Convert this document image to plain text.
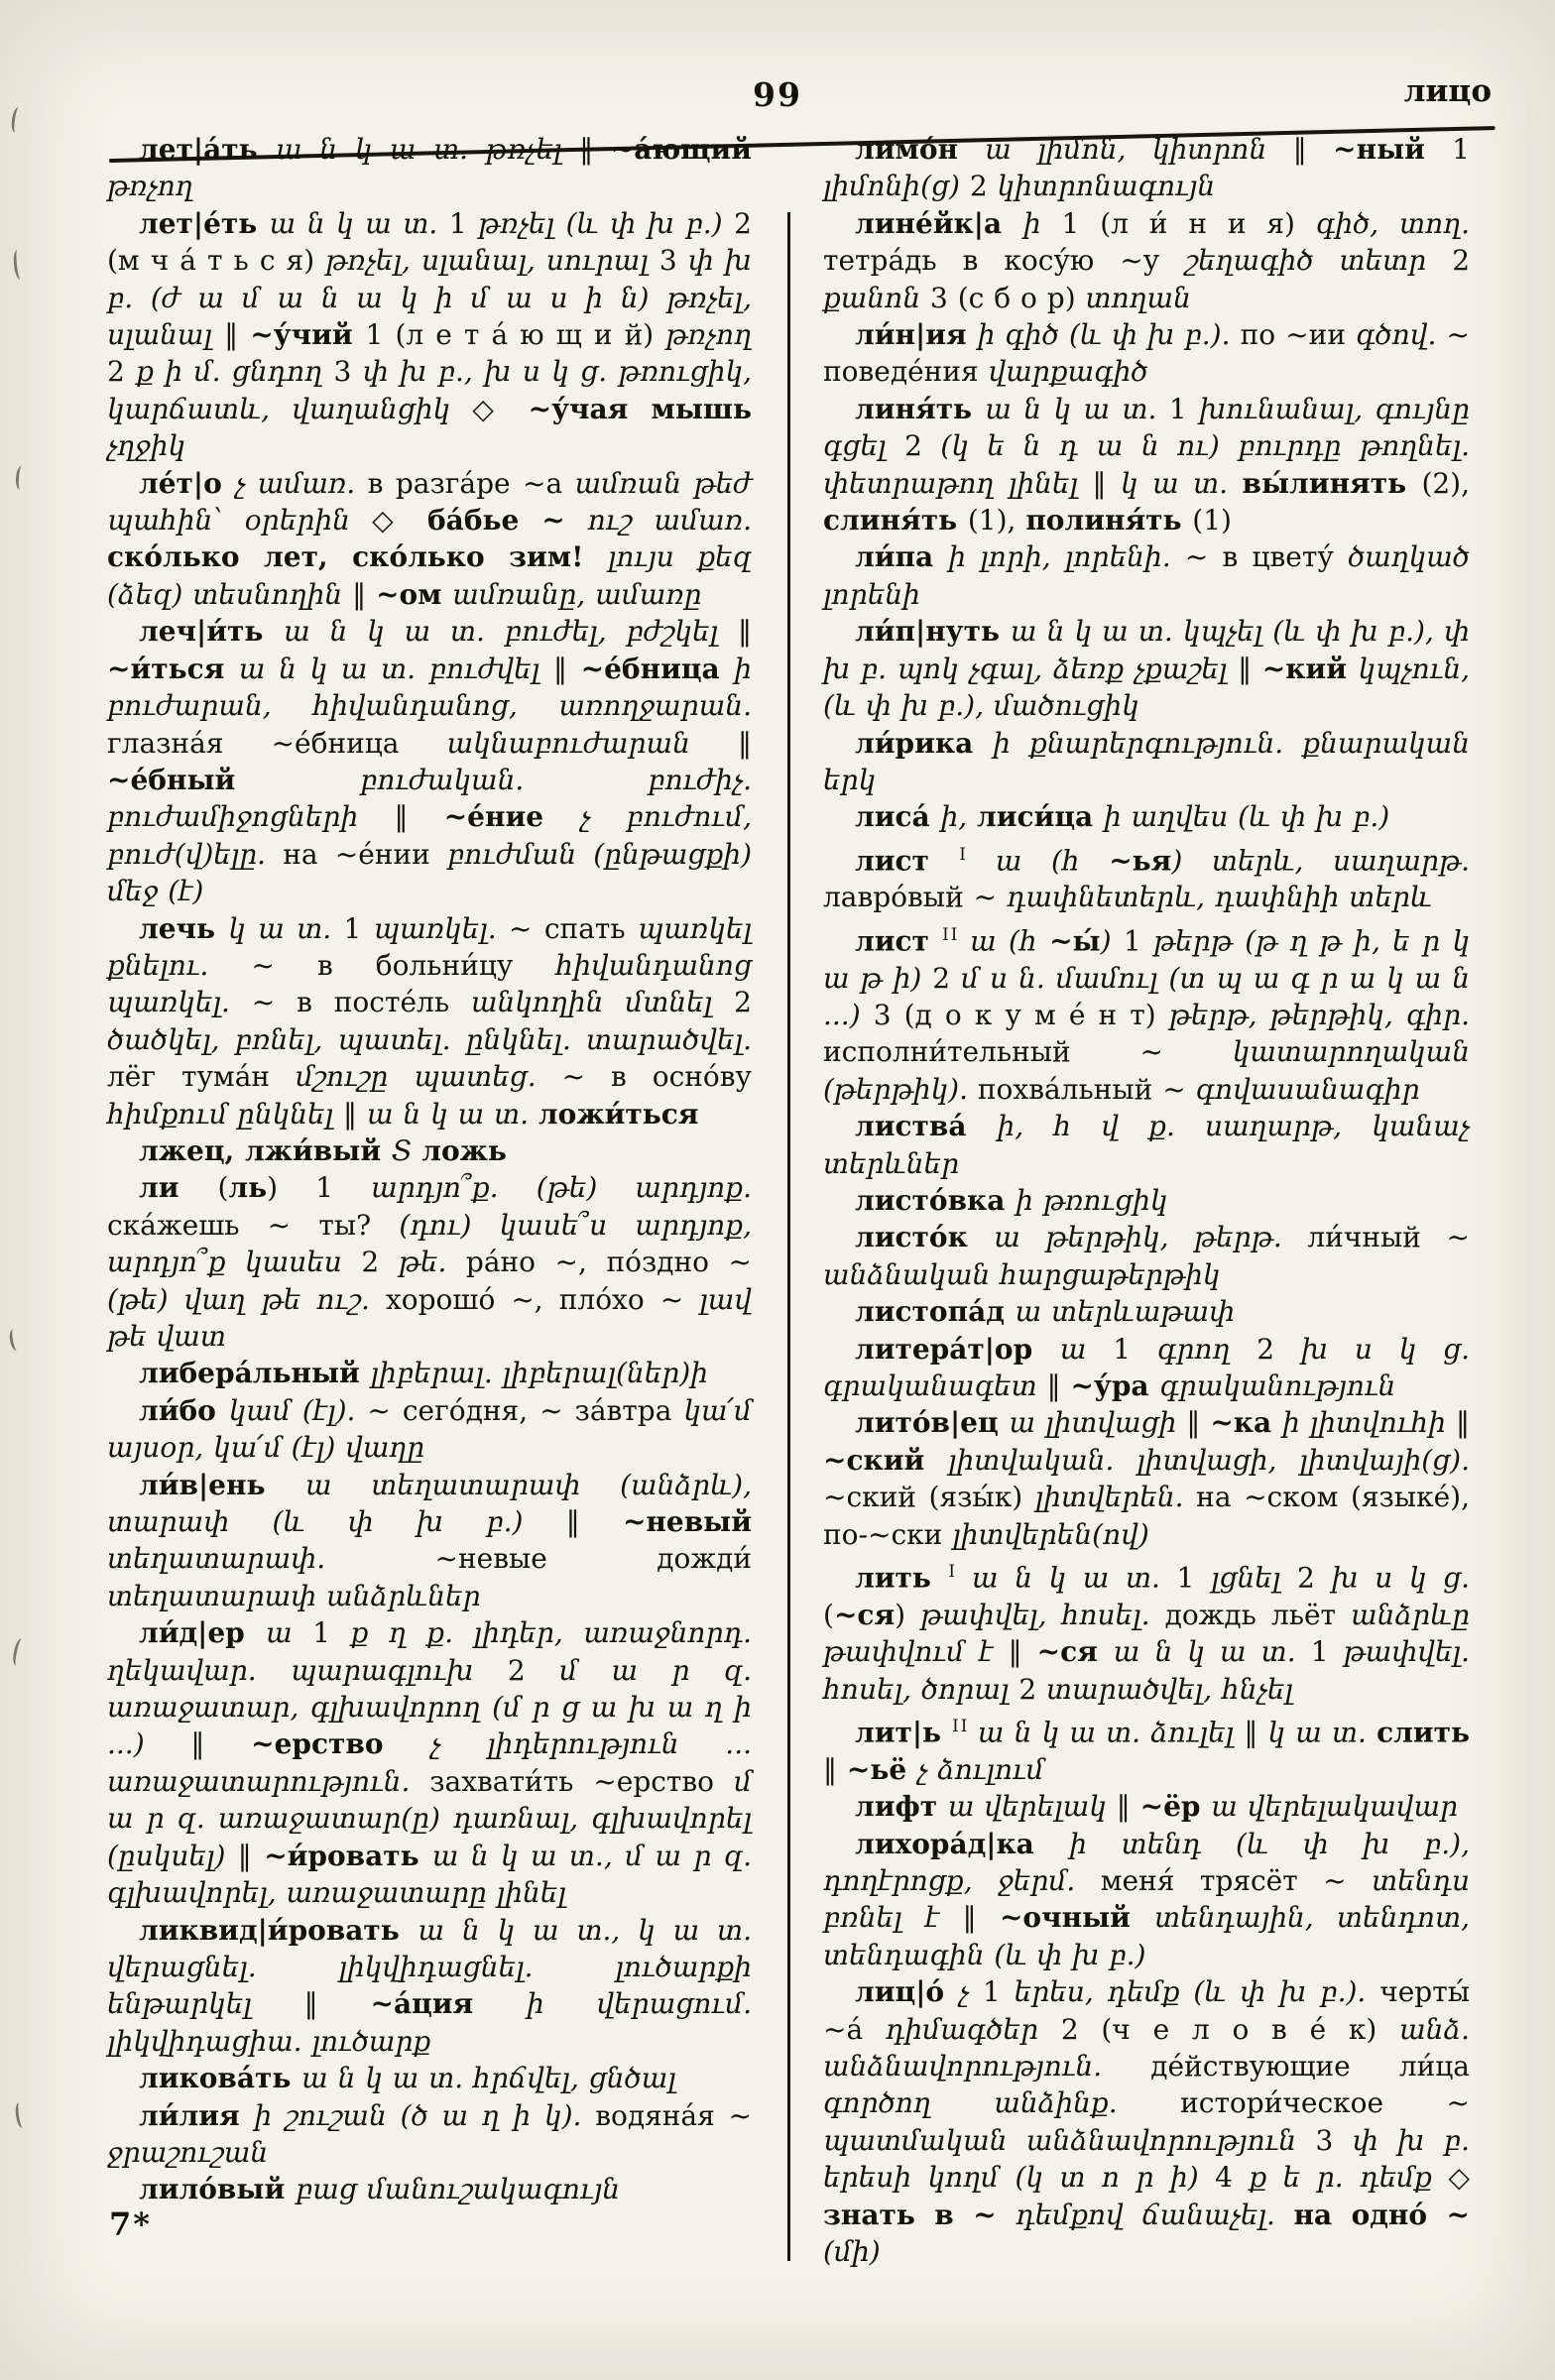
99	лицо

лет|а́ть ա ն կ ա տ. թռչել ‖ ~а́ющий թռչող

лет|е́ть ա ն կ ա տ. 1 թռչել (և փ խ բ.) 2 (м ч а́ т ь с я) թռչել, սլանալ, սուրալ 3 փ խ բ. (ժ ա մ ա ն ա կ ի մ ա ս ի ն) թռչել, սլանալ ‖ ~у́чий 1 (л е т а́ ю щ и й) թռչող 2 ք ի մ. ցնդող 3 փ խ բ., խ ս կ ց. թռուցիկ, կարճատև, վաղանցիկ ◇ ~у́чая мышь չղջիկ

ле́т|о չ ամառ. в разга́ре ~а ամռան թեժ պահին՝ օրերին ◇ ба́бье ~ ուշ ամառ. ско́лько лет, ско́лько зим! լույս քեզ (ձեզ) տեսնողին ‖ ~ом ամռանը, ամառը

леч|и́ть ա ն կ ա տ. բուժել, բժշկել ‖ ~и́ться ա ն կ ա տ. բուժվել ‖ ~е́бница ի բուժարան, հիվանդանոց, առողջարան. глазна́я ~е́бница ակնաբուժարան ‖ ~е́бный բուժական. բուժիչ. բուժամիջոցների ‖ ~е́ние չ բուժում, բուժ(վ)ելը. на ~е́нии բուժման (ընթացքի) մեջ (է)

лечь կ ա տ. 1 պառկել. ~ спать պառկել քնելու. ~ в больни́цу հիվանդանոց պառկել. ~ в посте́ль անկողին մտնել 2 ծածկել, բռնել, պատել. ընկնել. տարածվել. лёг тума́н մշուշը պատեց. ~ в осно́ву հիմքում ընկնել ‖ ա ն կ ա տ. ложи́ться

лжец, лжи́вый Տ ложь

ли (ль) 1 արդյո՞ք. (թե) արդյոք. ска́жешь ~ ты? (դու) կասե՞ս արդյոք, արդյո՞ք կասես 2 թե. ра́но ~, по́здно ~ (թե) վաղ թե ուշ. хорошо́ ~, пло́хо ~ լավ թե վատ

либера́льный լիբերալ. լիբերալ(ներ)ի

ли́бо կամ (էլ). ~ сего́дня, ~ за́втра կա՛մ այսօր, կա՛մ (էլ) վաղը

ли́в|ень ա տեղատարափ (անձրև), տարափ (և փ խ բ.) ‖ ~невый տեղատարափ. ~невые дожди́ տեղատարափ անձրևներ

ли́д|ер ա 1 ք ղ ք. լիդեր, առաջնորդ. ղեկավար. պարագլուխ 2 մ ա ր զ. առաջատար, գլխավորող (մ ր ց ա խ ա ղ ի ...) ‖ ~ерство չ լիդերություն ... առաջատարություն. захвати́ть ~ерство մ ա ր զ. առաջատար(ը) դառնալ, գլխավորել (ըսկսել) ‖ ~и́ровать ա ն կ ա տ., մ ա ր զ. գլխավորել, առաջատարը լինել

ликвид|и́ровать ա ն կ ա տ., կ ա տ. վերացնել. լիկվիդացնել. լուծարքի ենթարկել ‖ ~а́ция ի վերացում. լիկվիդացիա. լուծարք

ликова́ть ա ն կ ա տ. հրճվել, ցնծալ

ли́лия ի շուշան (ծ ա ղ ի կ). водяна́я ~ ջրաշուշան

лило́вый բաց մանուշակագույն

лимо́н ա լիմոն, կիտրոն ‖ ~ный 1 լիմոնի(ց) 2 կիտրոնագույն

лине́йк|а ի 1 (л и́ н и я) գիծ, տող. тетра́дь в косу́ю ~у շեղագիծ տետր 2 քանոն 3 (с б о р) տողան

ли́н|ия ի գիծ (և փ խ բ.). по ~ии գծով. ~ поведе́ния վարքագիծ

линя́ть ա ն կ ա տ. 1 խունանալ, գույնը գցել 2 (կ ե ն դ ա ն ու) բուրդը թողնել. փետրաթող լինել ‖ կ ա տ. вы́линять (2), слиня́ть (1), полиня́ть (1)

ли́па ի լորի, լորենի. ~ в цвету́ ծաղկած լորենի

ли́п|нуть ա ն կ ա տ. կպչել (և փ խ բ.), փ խ բ. պոկ չգալ, ձեռք չքաշել ‖ ~кий կպչուն, (և փ խ բ.), մածուցիկ

ли́рика ի քնարերգություն. քնարական երկ

лиса́ ի, лиси́ца ի աղվես (և փ խ բ.)

лист $^I$ ա (հ ~ья) տերև, սաղարթ. лавро́вый ~ դափնետերև, դափնիի տերև

лист $^{II}$ ա (հ ~ы́) 1 թերթ (թ ղ թ ի, ե ր կ ա թ ի) 2 մ ս ն. մամուլ (տ պ ա գ ր ա կ ա ն ...) 3 (д о к у м е́ н т) թերթ, թերթիկ, գիր. исполни́тельный ~ կատարողական (թերթիկ). похва́льный ~ գովասանագիր

листва́ ի, հ վ ք. սաղարթ, կանաչ տերևներ

листо́вка ի թռուցիկ

листо́к ա թերթիկ, թերթ. ли́чный ~ անձնական հարցաթերթիկ

листопа́д ա տերևաթափ

литера́т|ор ա 1 գրող 2 խ ս կ ց. գրականագետ ‖ ~у́ра գրականություն

лито́в|ец ա լիտվացի ‖ ~ка ի լիտվուհի ‖ ~ский լիտվական. լիտվացի, լիտվայի(ց). ~ский (язы́к) լիտվերեն. на ~ском (языке́), по-~ски լիտվերեն(ով)

лить $^I$ ա ն կ ա տ. 1 լցնել 2 խ ս կ ց. (~ся) թափվել, հոսել. дождь льёт անձրևը թափվում է ‖ ~ся ա ն կ ա տ. 1 թափվել. հոսել, ծորալ 2 տարածվել, հնչել

лит|ь $^{II}$ ա ն կ ա տ. ձուլել ‖ կ ա տ. слить ‖ ~ьё չ ձուլում

лифт ա վերելակ ‖ ~ёр ա վերելակավար

лихора́д|ка ի տենդ (և փ խ բ.), դողէրոցք, ջերմ. меня́ трясёт ~ տենդս բռնել է ‖ ~очный տենդային, տենդոտ, տենդագին (և փ խ բ.)

лиц|о́ չ 1 երես, դեմք (և փ խ բ.). черты́ ~а́ դիմագծեր 2 (ч е л о в е́ к) անձ. անձնավորություն. де́йствующие ли́ца գործող անձինք. истори́ческое ~ պատմական անձնավորություն 3 փ խ բ. երեսի կողմ (կ տ ո ր ի) 4 ք ե ր. դեմք ◇ знать в ~ դեմքով ճանաչել. на одно́ ~ (մի)

7*
